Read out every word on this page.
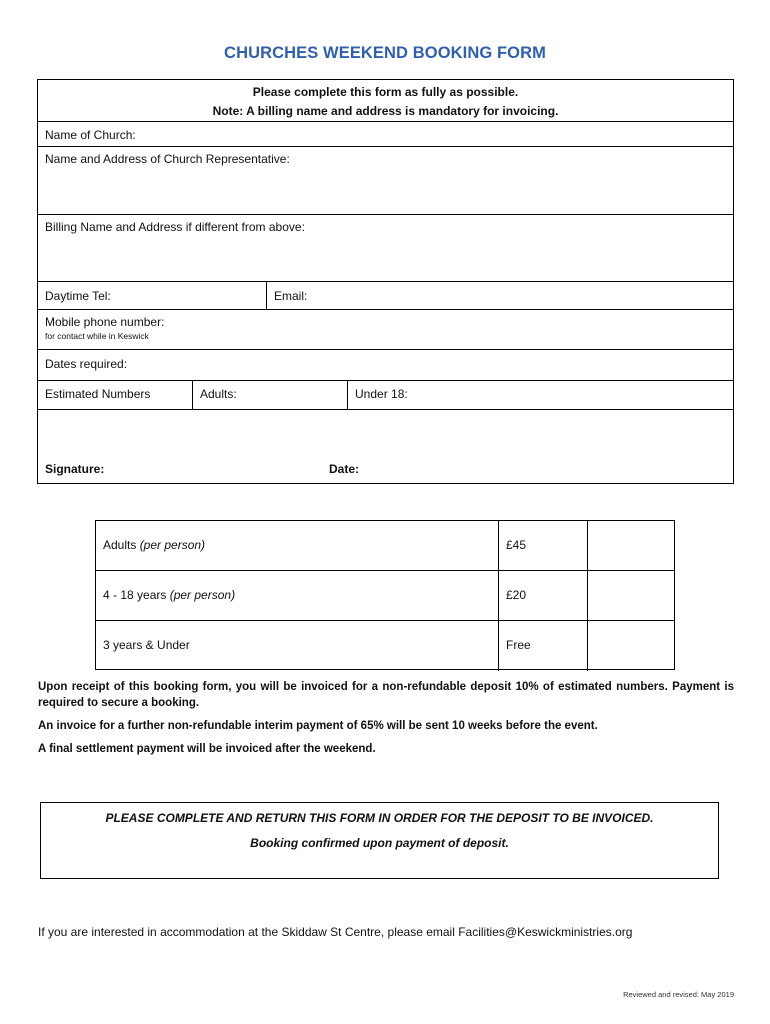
CHURCHES WEEKEND BOOKING FORM
Please complete this form as fully as possible.
Note: A billing name and address is mandatory for invoicing.
Name of Church:
Name and Address of Church Representative:
Billing Name and Address if different from above:
Daytime Tel:	Email:
Mobile phone number:
for contact while in Keswick
Dates required:
Estimated Numbers	Adults:	Under 18:
Signature:	Date:
Adults (per person)	£45
4 - 18 years (per person)	£20
3 years & Under	Free
Upon receipt of this booking form, you will be invoiced for a non-refundable deposit 10% of estimated numbers. Payment is required to secure a booking.
An invoice for a further non-refundable interim payment of 65% will be sent 10 weeks before the event.
A final settlement payment will be invoiced after the weekend.
PLEASE COMPLETE AND RETURN THIS FORM IN ORDER FOR THE DEPOSIT TO BE INVOICED.
Booking confirmed upon payment of deposit.
If you are interested in accommodation at the Skiddaw St Centre, please email Facilities@Keswickministries.org
Reviewed and revised: May 2019
